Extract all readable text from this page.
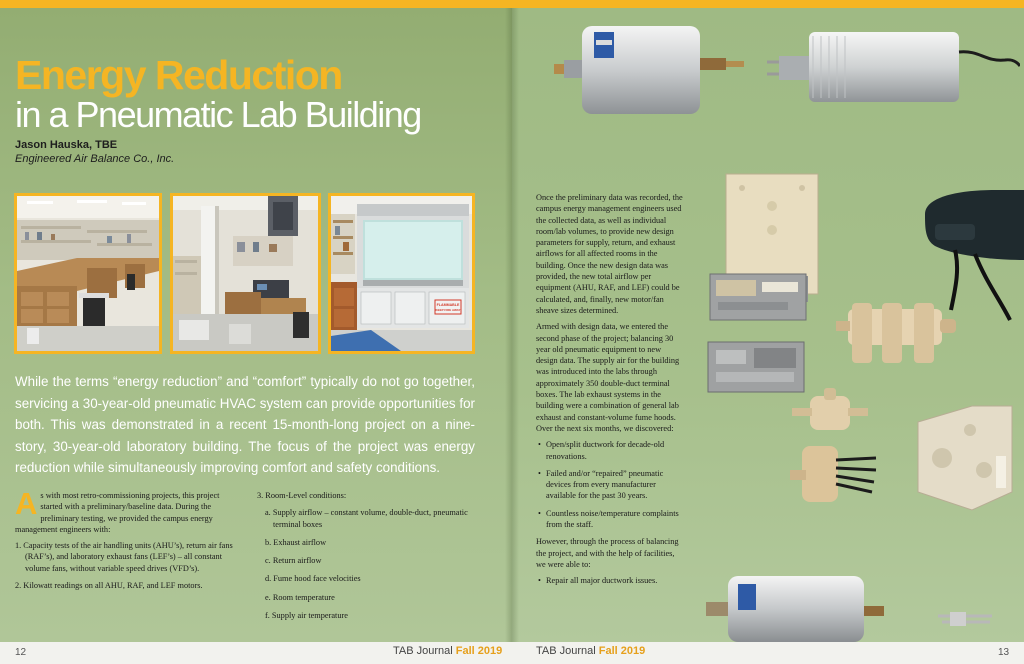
Energy Reduction
in a Pneumatic Lab Building
Jason Hauska, TBE
Engineered Air Balance Co., Inc.
FLAMMABLE
KEEP FIRE AWAY
While the terms “energy reduction” and “comfort” typically do not go together, servicing a 30-year-old pneumatic HVAC system can provide opportunities for both. This was demonstrated in a recent 15-month-long project on a nine-story, 30-year-old laboratory building. The focus of the project was energy reduction while simultaneously improving comfort and safety conditions.

As with most retro-commissioning projects, this project started with a preliminary/baseline data. During the preliminary testing, we provided the campus energy management engineers with:

1. Capacity tests of the air handling units (AHU’s), return air fans (RAF’s), and laboratory exhaust fans (LEF’s) – all constant volume fans, without variable speed drives (VFD’s).
2. Kilowatt readings on all AHU, RAF, and LEF motors.
3. Room-Level conditions:
a. Supply airflow – constant volume, double-duct, pneumatic terminal boxes
b. Exhaust airflow
c. Return airflow
d. Fume hood face velocities
e. Room temperature
f. Supply air temperature

Once the preliminary data was recorded, the campus energy management engineers used the collected data, as well as individual room/lab volumes, to provide new design parameters for supply, return, and exhaust airflows for all affected rooms in the building. Once the new design data was provided, the new total airflow per equipment (AHU, RAF, and LEF) could be calculated, and, finally, new motor/fan sheave sizes determined.

Armed with design data, we entered the second phase of the project; balancing 30 year old pneumatic equipment to new design data. The supply air for the building was introduced into the labs through approximately 350 double-duct terminal boxes. The lab exhaust systems in the building were a combination of general lab exhaust and constant-volume fume hoods. Over the next six months, we discovered:

• Open/split ductwork for decade-old renovations.
• Failed and/or “repaired” pneumatic devices from every manufacturer available for the past 30 years.
• Countless noise/temperature complaints from the staff.

However, through the process of balancing the project, and with the help of facilities, we were able to:

• Repair all major ductwork issues.
12	TAB Journal Fall 2019	TAB Journal Fall 2019	13
